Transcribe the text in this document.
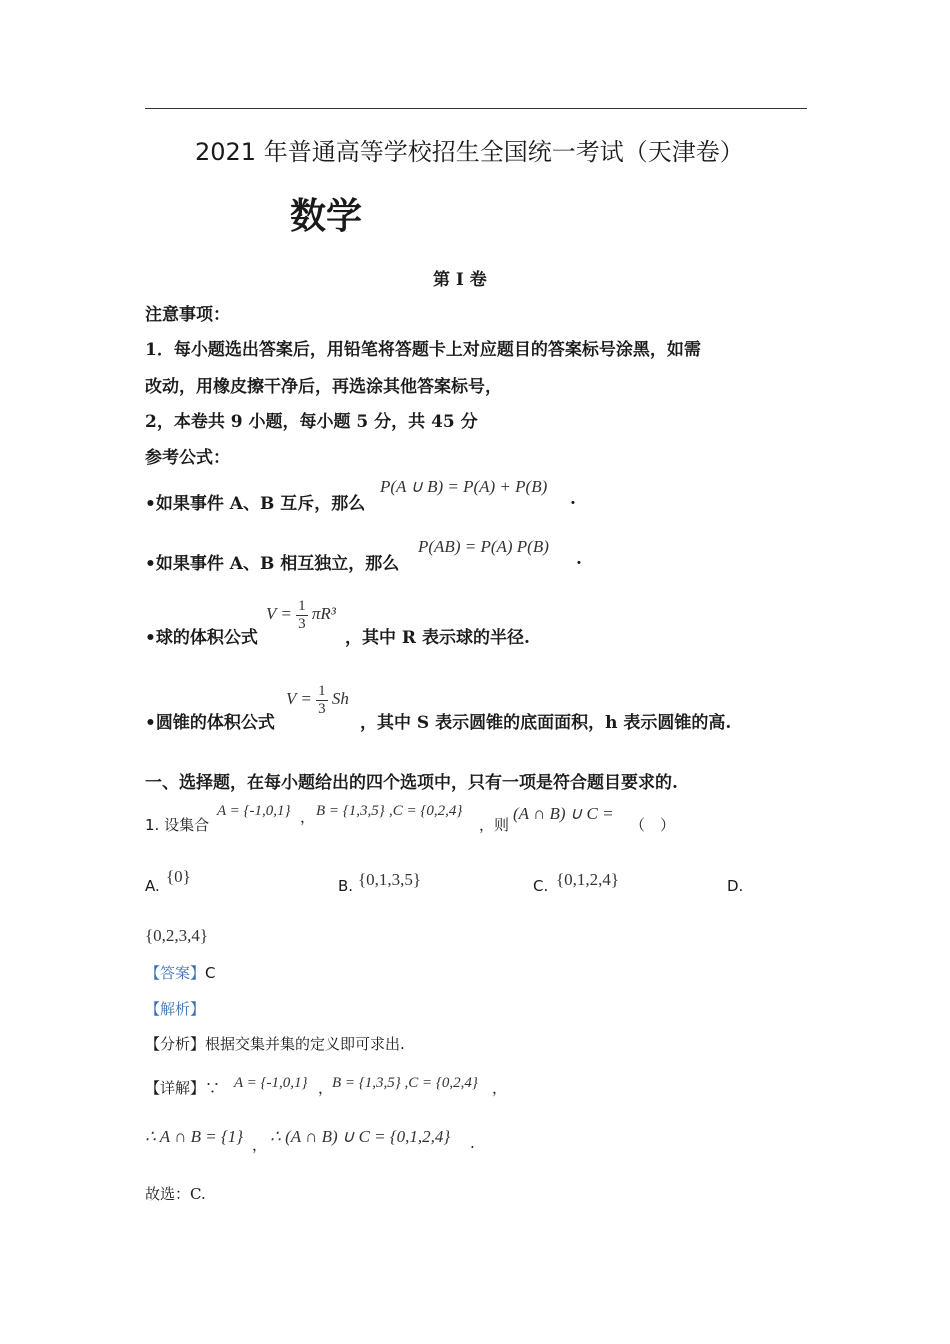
2021 年普通高等学校招生全国统一考试（天津卷）
数学
第 I 卷
注意事项：
1．每小题选出答案后，用铅笔将答题卡上对应题目的答案标号涂黑，如需
改动，用橡皮擦干净后，再选涂其他答案标号，
2，本卷共 9 小题，每小题 5 分，共 45 分
参考公式：
•如果事件 A、B 互斥，那么
P(A ∪ B) = P(A) + P(B)
.
•如果事件 A、B 相互独立，那么
P(AB) = P(A) P(B)
.
•球的体积公式
$V = \frac{1}{3} \pi R^3$
，其中 R 表示球的半径.
•圆锥的体积公式
$V = \frac{1}{3}$ Sh
，其中 S 表示圆锥的底面面积，h 表示圆锥的高.
一、选择题，在每小题给出的四个选项中，只有一项是符合题目要求的.
1. 设集合
A = {-1,0,1} ， B = {1,3,5} ,C = {0,2,4}
，则
(A ∩ B) ∪ C =
（　）
A. {0}	B. {0,1,3,5}	C. {0,1,2,4}	D.
{0,2,3,4}
【答案】C
【解析】
【分析】根据交集并集的定义即可求出.
【详解】∵ A = {-1,0,1} ，
B = {1,3,5} ,C = {0,2,4} ，
∴ A ∩ B = {1} ， ∴ (A ∩ B) ∪ C = {0,1,2,4} .
故选：C.
